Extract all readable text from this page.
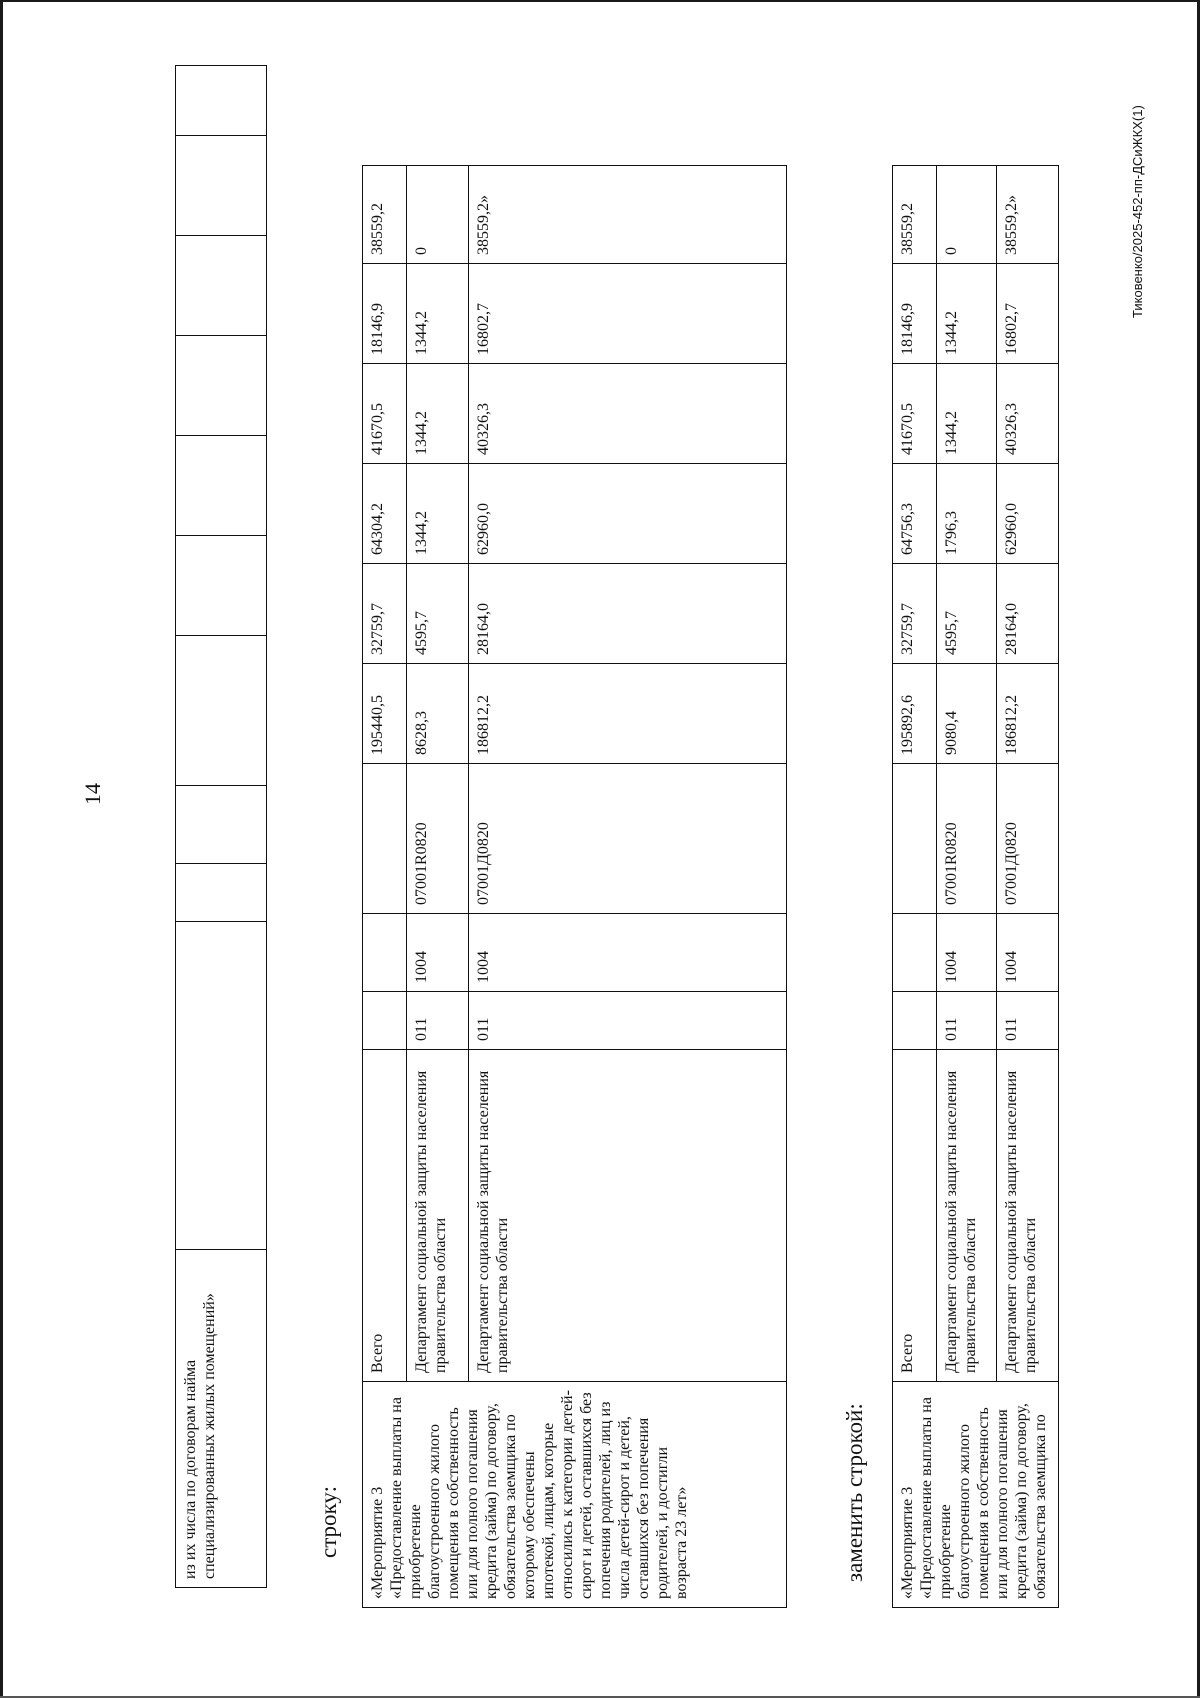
14
из их числа по договорам найма специализированных жилых помещений»											строку: «Мероприятие 3
«Предоставление выплаты на приобретение благоустроенного жилого помещения в собственность или для полного погашения кредита (займа) по договору, обязательства заемщика по которому обеспечены ипотекой, лицам, которые относились к категории детей-сирот и детей, оставшихся без попечения родителей, лиц из числа детей-сирот и детей, оставшихся без попечения родителей, и достигли возраста 23 лет»	Всего				195440,5	32759,7	64304,2	41670,5	18146,9	38559,2
	Департамент социальной защиты населения правительства области	011	1004	07001R0820	8628,3	4595,7	1344,2	1344,2	1344,2	0
	Департамент социальной защиты населения правительства области	011	1004	07001Д0820	186812,2	28164,0	62960,0	40326,3	16802,7	38559,2»
заменить строкой: «Мероприятие 3
«Предоставление выплаты на приобретение благоустроенного жилого помещения в собственность или для полного погашения кредита (займа) по договору, обязательства заемщика по	Всего				195892,6	32759,7	64756,3	41670,5	18146,9	38559,2
	Департамент социальной защиты населения правительства области	011	1004	07001R0820	9080,4	4595,7	1796,3	1344,2	1344,2	0
	Департамент социальной защиты населения правительства области	011	1004	07001Д0820	186812,2	28164,0	62960,0	40326,3	16802,7	38559,2»	Тиковенко/2025-452-пп-ДСиЖКХ(1)
